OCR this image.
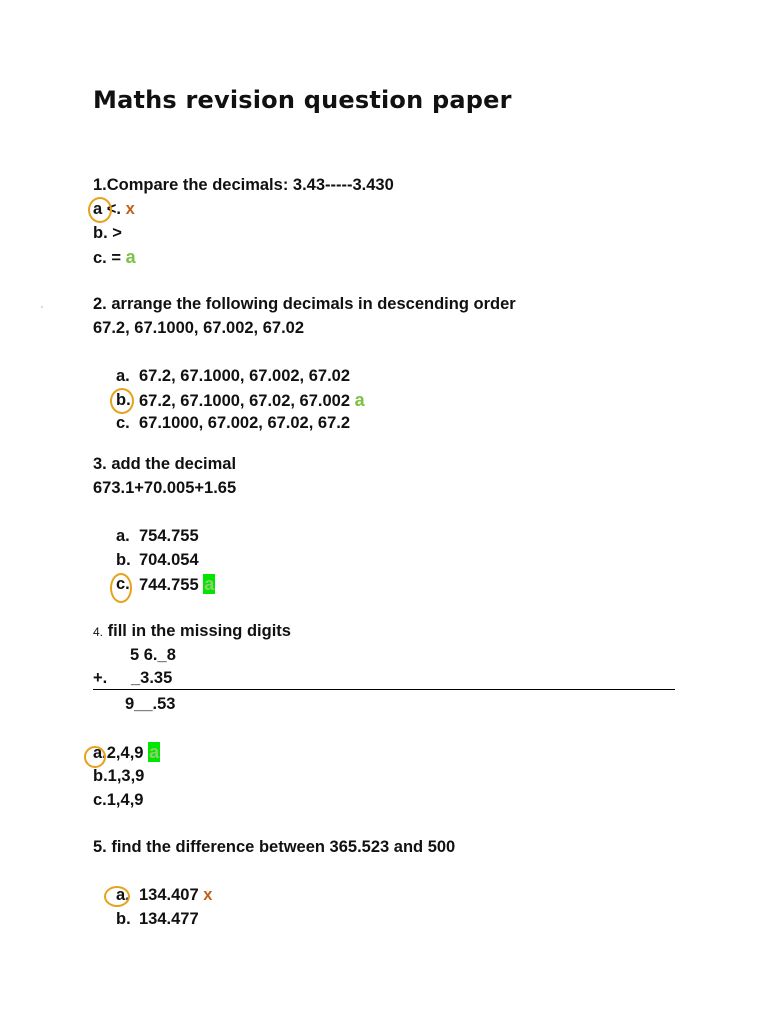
Maths revision question paper
1.Compare the decimals: 3.43-----3.430
a <. x
b. >
c. = a
2. arrange the following decimals in descending order
67.2, 67.1000, 67.002, 67.02
a. 67.2, 67.1000, 67.002, 67.02
b. 67.2, 67.1000, 67.02, 67.002 a
c. 67.1000, 67.002, 67.02, 67.2
3. add the decimal
673.1+70.005+1.65
a. 754.755
b. 704.054
c. 744.755 a
4. fill in the missing digits
5 6._8
+. _3.35
9__.53
a.2,4,9 a
b.1,3,9
c.1,4,9
5. find the difference between 365.523 and 500
a. 134.407 x
b. 134.477
